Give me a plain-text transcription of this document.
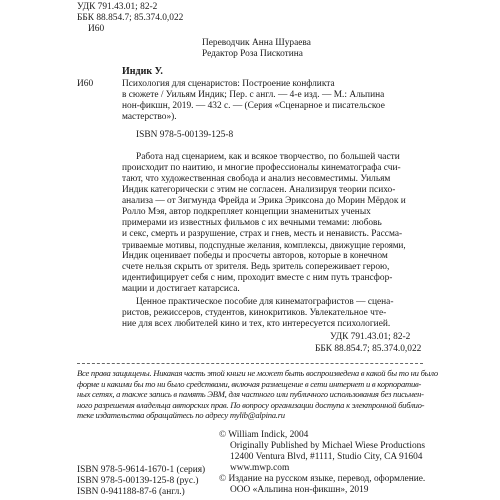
УДК 791.43.01; 82-2
ББК 88.854.7; 85.374.0,022
И60
Переводчик Анна Шураева
Редактор Роза Пискотина
Индик У.
И60	Психология для сценаристов: Построение конфликта
в сюжете / Уильям Индик; Пер. с англ. — 4-е изд. — М.: Альпина
нон-фикшн, 2019. — 432 с. — (Серия «Сценарное и писательское
мастерство»).
ISBN 978-5-00139-125-8
Работа над сценарием, как и всякое творчество, по большей части
происходит по наитию, и многие профессионалы кинематографа счи-
тают, что художественная свобода и анализ несовместимы. Уильям
Индик категорически с этим не согласен. Анализируя теории психо-
анализа — от Зигмунда Фрейда и Эрика Эриксона до Морин Мёрдок и Ролло Мэя, автор подкрепляет концепции знаменитых ученых
примерами из известных фильмов с их вечными темами: любовь
и секс, смерть и разрушение, страх и гнев, месть и ненависть. Рассма-
триваемые мотивы, подспудные желания, комплексы, движущие героями,
Индик оценивает победы и просчеты авторов, которые в конечном
счете нельзя скрыть от зрителя. Ведь зритель сопереживает герою,
идентифицирует себя с ним, проходит вместе с ним путь трансфор-
мации и достигает катарсиса.
Ценное практическое пособие для кинематографистов — сцена-
ристов, режиссеров, студентов, кинокритиков. Увлекательное чте-
ние для всех любителей кино и тех, кто интересуется психологией.
УДК 791.43.01; 82-2
ББК 88.854.7; 85.374.0,022
Все права защищены. Никакая часть этой книги не может быть воспроизведена в какой бы то ни было
форме и какими бы то ни было средствами, включая размещение в сети интернет и в корпоратив-
ных сетях, а также запись в память ЭВМ, для частного или публичного использования без письмен-
ного разрешения владельца авторских прав. По вопросу организации доступа к электронной библио-
теке издательства обращайтесь по адресу mylib@alpina.ru
© William Indick, 2004
Originally Published by Michael Wiese Productions
12400 Ventura Blvd, #1111, Studio City, CA 91604
www.mwp.com
© Издание на русском языке, перевод, оформление.
ООО «Альпина нон-фикшн», 2019
ISBN 978-5-9614-1670-1 (серия)
ISBN 978-5-00139-125-8 (рус.)
ISBN 0-941188-87-6 (англ.)
